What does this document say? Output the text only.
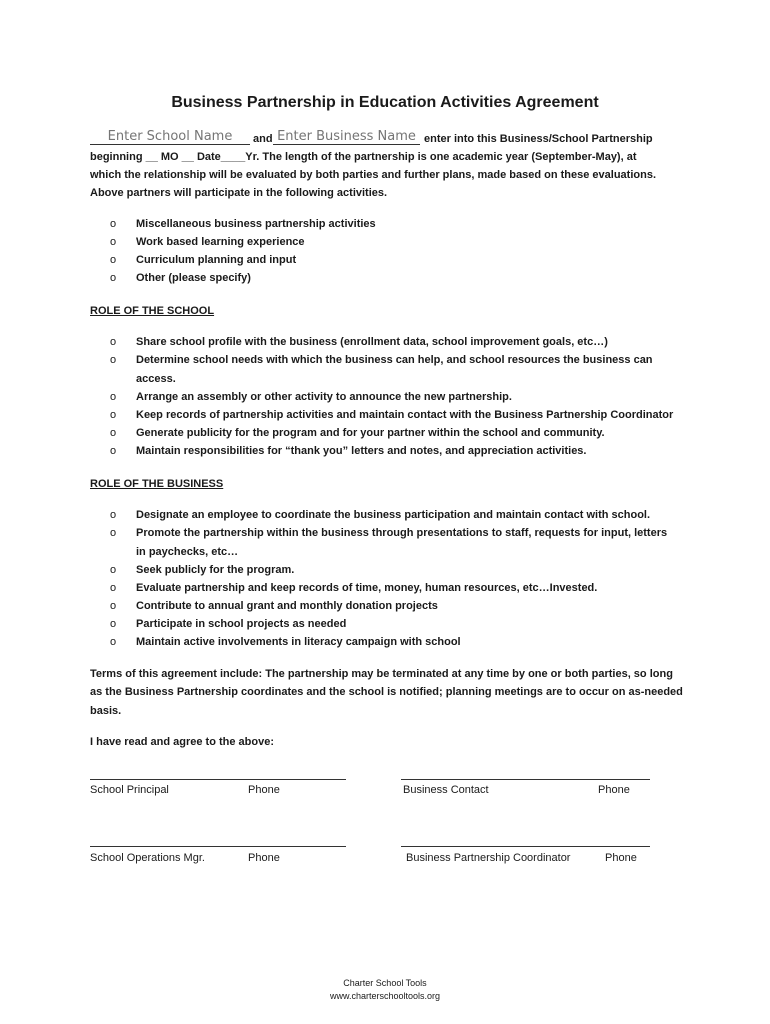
Business Partnership in Education Activities Agreement
Enter School Name
and
Enter Business Name	enter into this Business/School Partnership
beginning __ MO __ Date____Yr. The length of the partnership is one academic year (September-May), at
which the relationship will be evaluated by both parties and further plans, made based on these evaluations.
Above partners will participate in the following activities.
o Miscellaneous business partnership activities
o Work based learning experience
o Curriculum planning and input
o Other (please specify)
ROLE OF THE SCHOOL
o Share school profile with the business (enrollment data, school improvement goals, etc…)
o Determine school needs with which the business can help, and school resources the business can
access.
o Arrange an assembly or other activity to announce the new partnership.
o Keep records of partnership activities and maintain contact with the Business Partnership Coordinator
o Generate publicity for the program and for your partner within the school and community.
o Maintain responsibilities for “thank you” letters and notes, and appreciation activities.
ROLE OF THE BUSINESS
o Designate an employee to coordinate the business participation and maintain contact with school.
o Promote the partnership within the business through presentations to staff, requests for input, letters
in paychecks, etc…
o Seek publicly for the program.
o Evaluate partnership and keep records of time, money, human resources, etc…Invested.
o Contribute to annual grant and monthly donation projects
o Participate in school projects as needed
o Maintain active involvements in literacy campaign with school
Terms of this agreement include: The partnership may be terminated at any time by one or both parties, so long
as the Business Partnership coordinates and the school is notified; planning meetings are to occur on as-needed
basis.
I have read and agree to the above:
School Principal	Phone	Business Contact	Phone
School Operations Mgr.	Phone	Business Partnership Coordinator	Phone
Charter School Tools
www.charterschooltools.org
